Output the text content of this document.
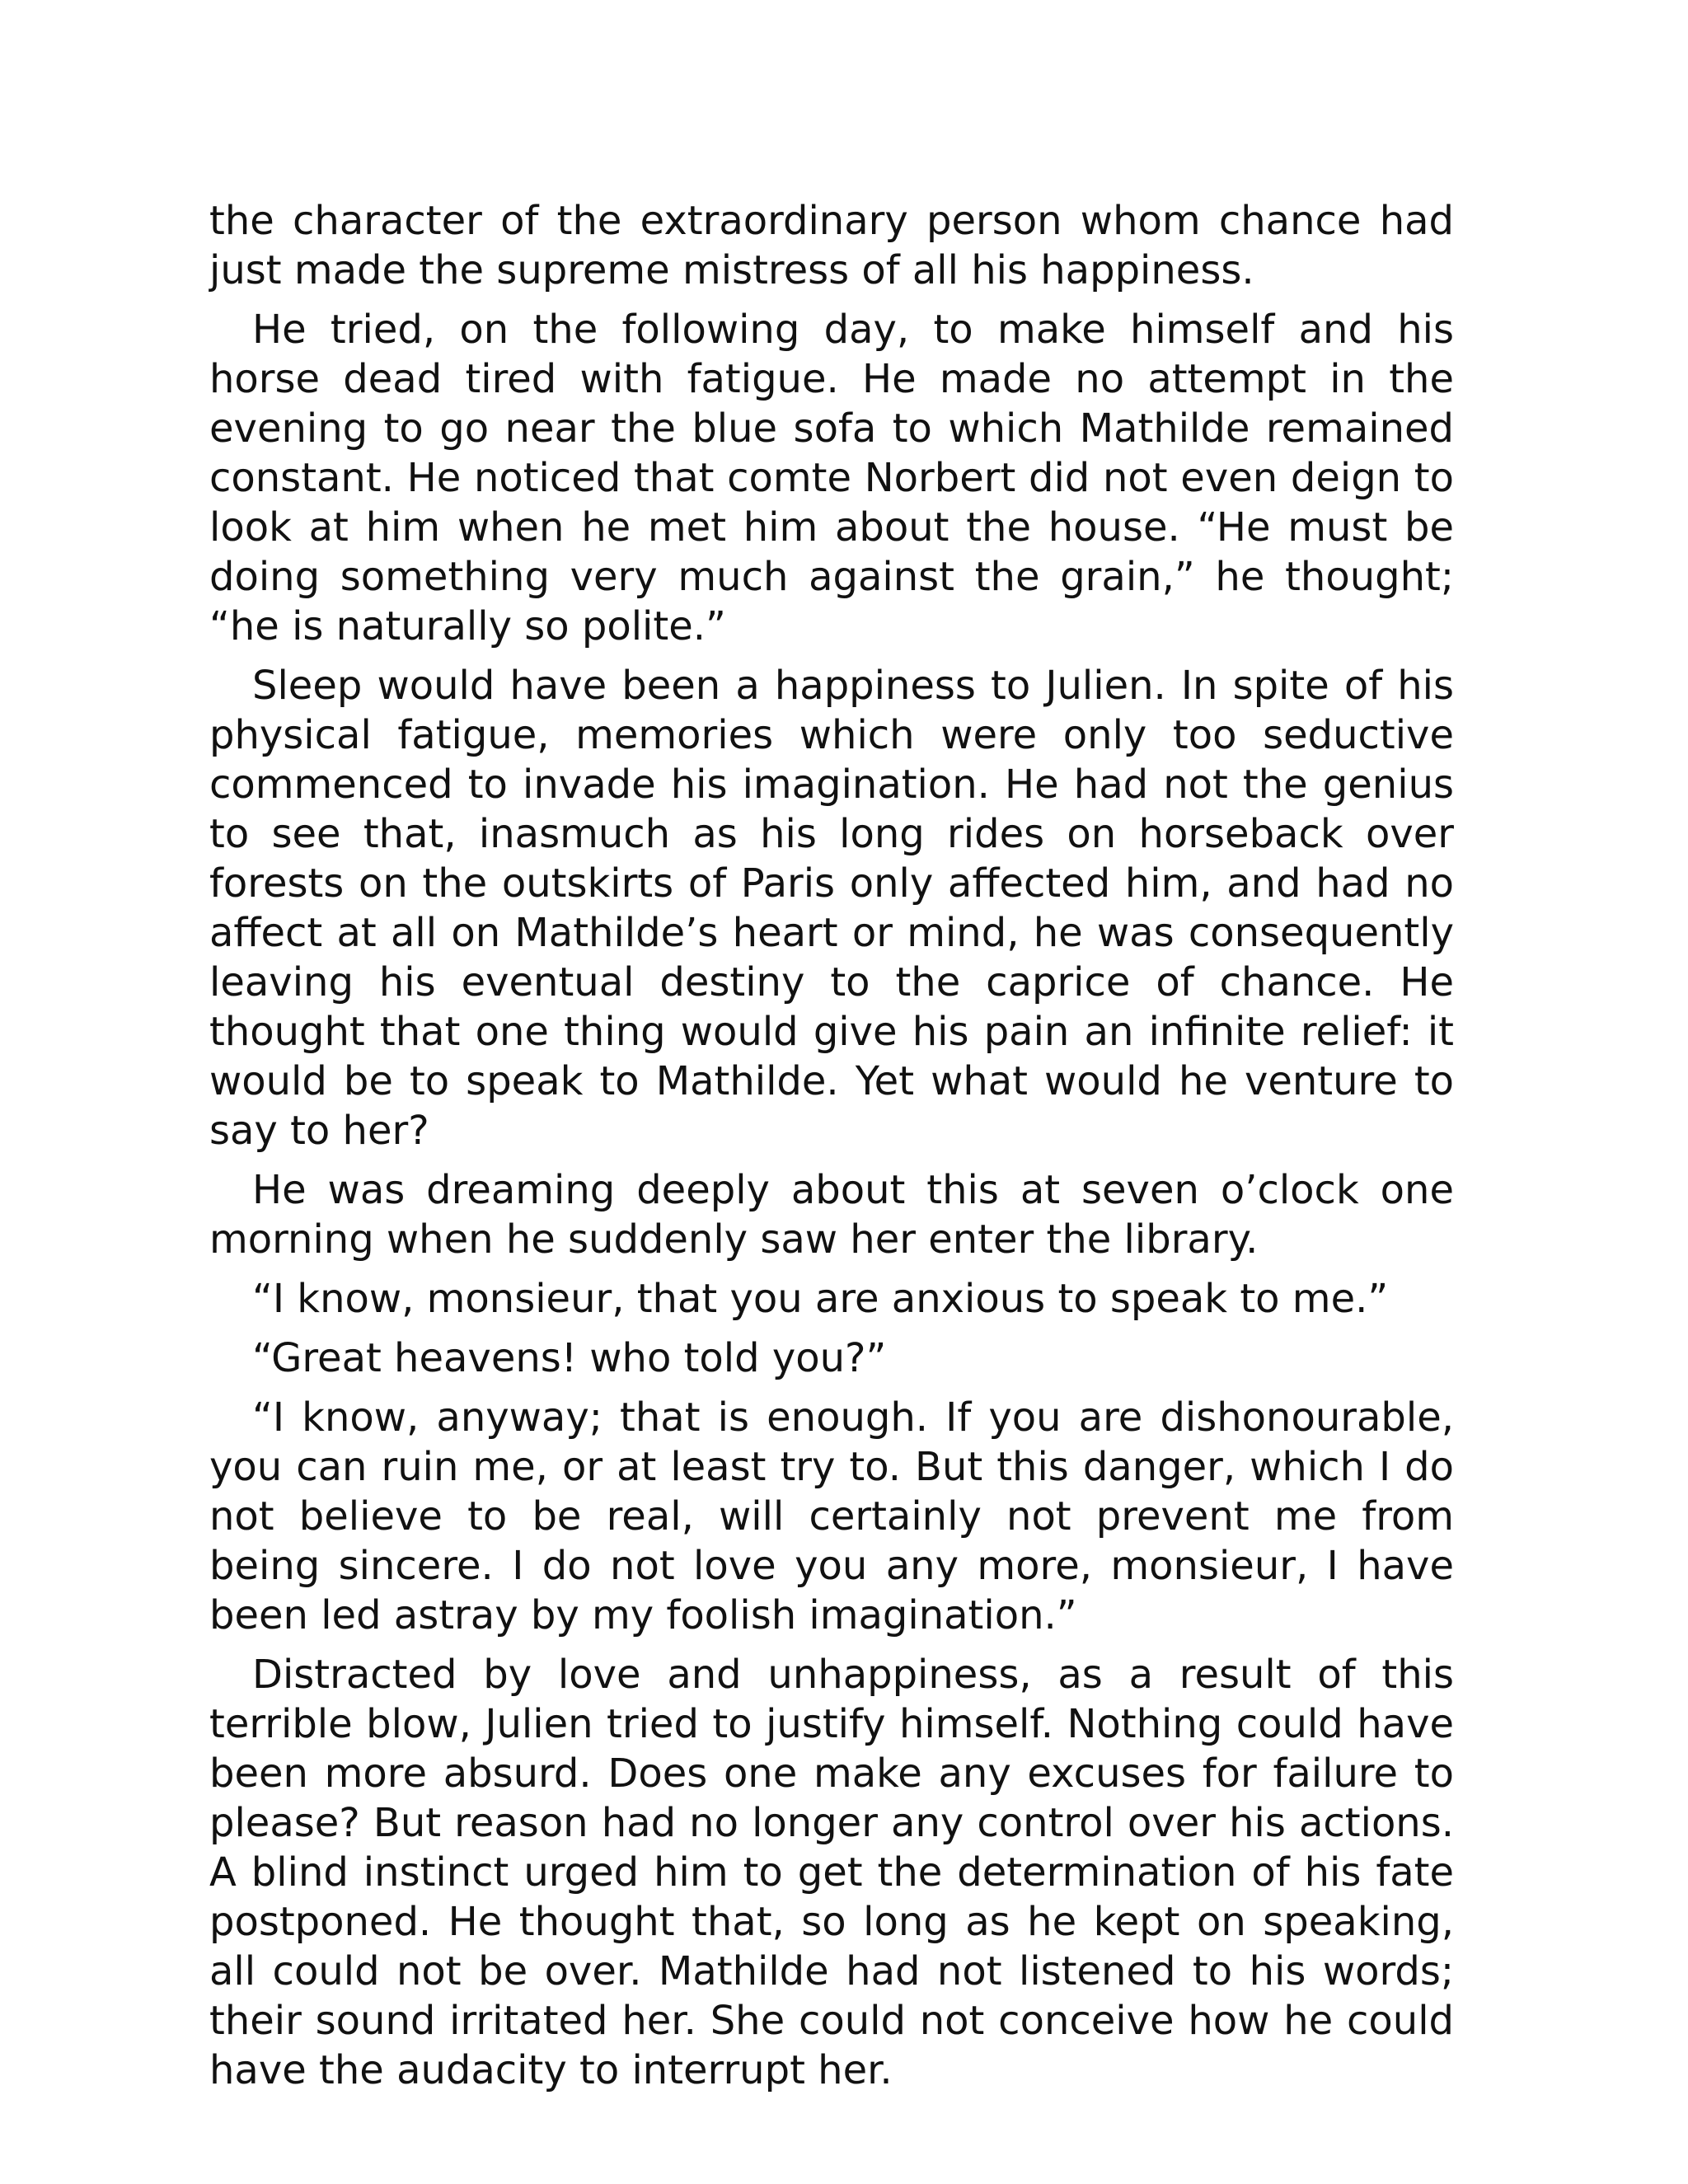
the character of the extraordinary person whom chance had just made the supreme mistress of all his happiness.

He tried, on the following day, to make himself and his horse dead tired with fatigue. He made no attempt in the evening to go near the blue sofa to which Mathilde remained constant. He noticed that comte Norbert did not even deign to look at him when he met him about the house. “He must be doing something very much against the grain,” he thought; “he is naturally so polite.”

Sleep would have been a happiness to Julien. In spite of his physical fatigue, memories which were only too seductive commenced to invade his imagination. He had not the genius to see that, inasmuch as his long rides on horseback over forests on the outskirts of Paris only affected him, and had no affect at all on Mathilde’s heart or mind, he was consequently leaving his eventual destiny to the caprice of chance. He thought that one thing would give his pain an infinite relief: it would be to speak to Mathilde. Yet what would he venture to say to her?

He was dreaming deeply about this at seven o’clock one morning when he suddenly saw her enter the library.

“I know, monsieur, that you are anxious to speak to me.”

“Great heavens! who told you?”

“I know, anyway; that is enough. If you are dishonourable, you can ruin me, or at least try to. But this danger, which I do not believe to be real, will certainly not prevent me from being sincere. I do not love you any more, monsieur, I have been led astray by my foolish imagination.”

Distracted by love and unhappiness, as a result of this terrible blow, Julien tried to justify himself. Nothing could have been more absurd. Does one make any excuses for failure to please? But reason had no longer any control over his actions. A blind instinct urged him to get the determination of his fate postponed. He thought that, so long as he kept on speaking, all could not be over. Mathilde had not listened to his words; their sound irritated her. She could not conceive how he could have the audacity to interrupt her.
